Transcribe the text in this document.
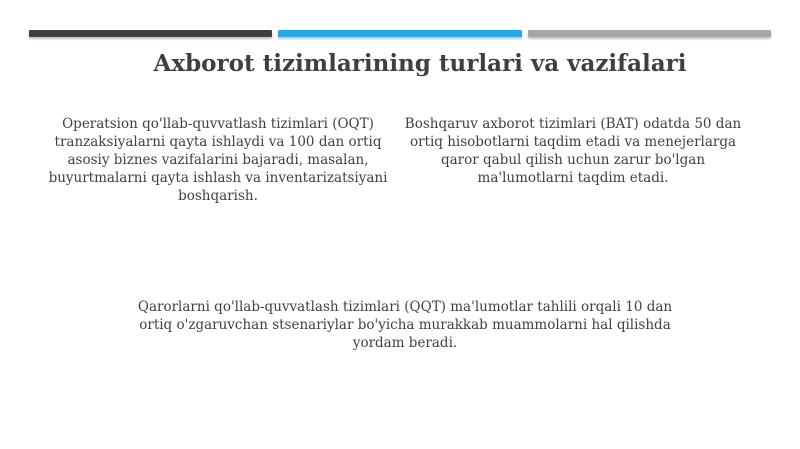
Axborot tizimlarining turlari va vazifalari
Operatsion qo'llab-quvvatlash tizimlari (OQT) tranzaksiyalarni qayta ishlaydi va 100 dan ortiq asosiy biznes vazifalarini bajaradi, masalan, buyurtmalarni qayta ishlash va inventarizatsiyani boshqarish.
Boshqaruv axborot tizimlari (BAT) odatda 50 dan ortiq hisobotlarni taqdim etadi va menejerlarga qaror qabul qilish uchun zarur bo'lgan ma'lumotlarni taqdim etadi.
Qarorlarni qo'llab-quvvatlash tizimlari (QQT) ma'lumotlar tahlili orqali 10 dan ortiq o'zgaruvchan stsenariylar bo'yicha murakkab muammolarni hal qilishda yordam beradi.
